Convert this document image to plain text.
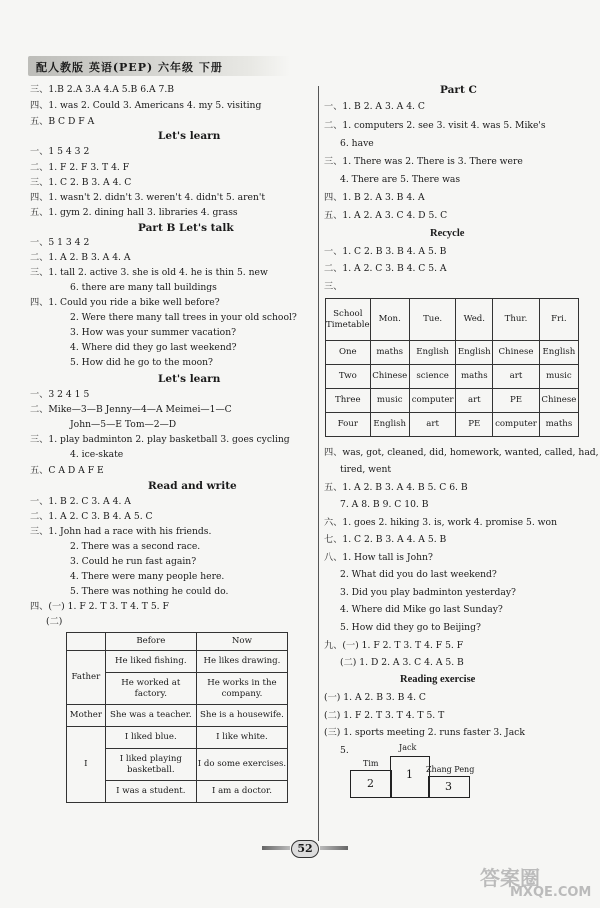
配人教版 英语(PEP) 六年级 下册
三、1.B 2.A 3.A 4.A 5.B 6.A 7.B
四、1. was 2. Could 3. Americans 4. my 5. visiting
五、B C D F A
Let's learn
一、1 5 4 3 2
二、1. F 2. F 3. T 4. F
三、1. C 2. B 3. A 4. C
四、1. wasn't 2. didn't 3. weren't 4. didn't 5. aren't
五、1. gym 2. dining hall 3. libraries 4. grass
Part B Let's talk
一、5 1 3 4 2
二、1. A 2. B 3. A 4. A
三、1. tall 2. active 3. she is old 4. he is thin 5. new
6. there are many tall buildings
四、1. Could you ride a bike well before?
2. Were there many tall trees in your old school?
3. How was your summer vacation?
4. Where did they go last weekend?
5. How did he go to the moon?
Let's learn
一、3 2 4 1 5
二、Mike—3—B Jenny—4—A Meimei—1—C
John—5—E Tom—2—D
三、1. play badminton 2. play basketball 3. goes cycling
4. ice-skate
五、C A D A F E
Read and write
一、1. B 2. C 3. A 4. A
二、1. A 2. C 3. B 4. A 5. C
三、1. John had a race with his friends.
2. There was a second race.
3. Could he run fast again?
4. There were many people here.
5. There was nothing he could do.
四、(一) 1. F 2. T 3. T 4. T 5. F
(二)
	Before	Now
Father	He liked fishing.	He likes drawing.
	He worked at factory.	He works in the company.
Mother	She was a teacher.	She is a housewife.
I	I liked blue.	I like white.
	I liked playing basketball.	I do some exercises.
	I was a student.	I am a doctor.
Part C
一、1. B 2. A 3. A 4. C
二、1. computers 2. see 3. visit 4. was 5. Mike's
6. have
三、1. There was 2. There is 3. There were
4. There are 5. There was
四、1. B 2. A 3. B 4. A
五、1. A 2. A 3. C 4. D 5. C
Recycle
一、1. C 2. B 3. B 4. A 5. B
二、1. A 2. C 3. B 4. C 5. A
三、
School Timetable	Mon.	Tue.	Wed.	Thur.	Fri.
One	maths	English	English	Chinese	English
Two	Chinese	science	maths	art	music
Three	music	computer	art	PE	Chinese
Four	English	art	PE	computer	maths
四、was, got, cleaned, did, homework, wanted, called, had,
tired, went
五、1. A 2. B 3. A 4. B 5. C 6. B
7. A 8. B 9. C 10. B
六、1. goes 2. hiking 3. is, work 4. promise 5. won
七、1. C 2. B 3. A 4. A 5. B
八、1. How tall is John?
2. What did you do last weekend?
3. Did you play badminton yesterday?
4. Where did Mike go last Sunday?
5. How did they go to Beijing?
九、(一) 1. F 2. T 3. T 4. F 5. F
(二) 1. D 2. A 3. C 4. A 5. B
Reading exercise
(一) 1. A 2. B 3. B 4. C
(二) 1. F 2. T 3. T 4. T 5. T
(三) 1. sports meeting 2. runs faster 3. Jack
5.	Jack
Tim
Zhang Peng
2
1
3
52
答案圈
MXQE.COM
